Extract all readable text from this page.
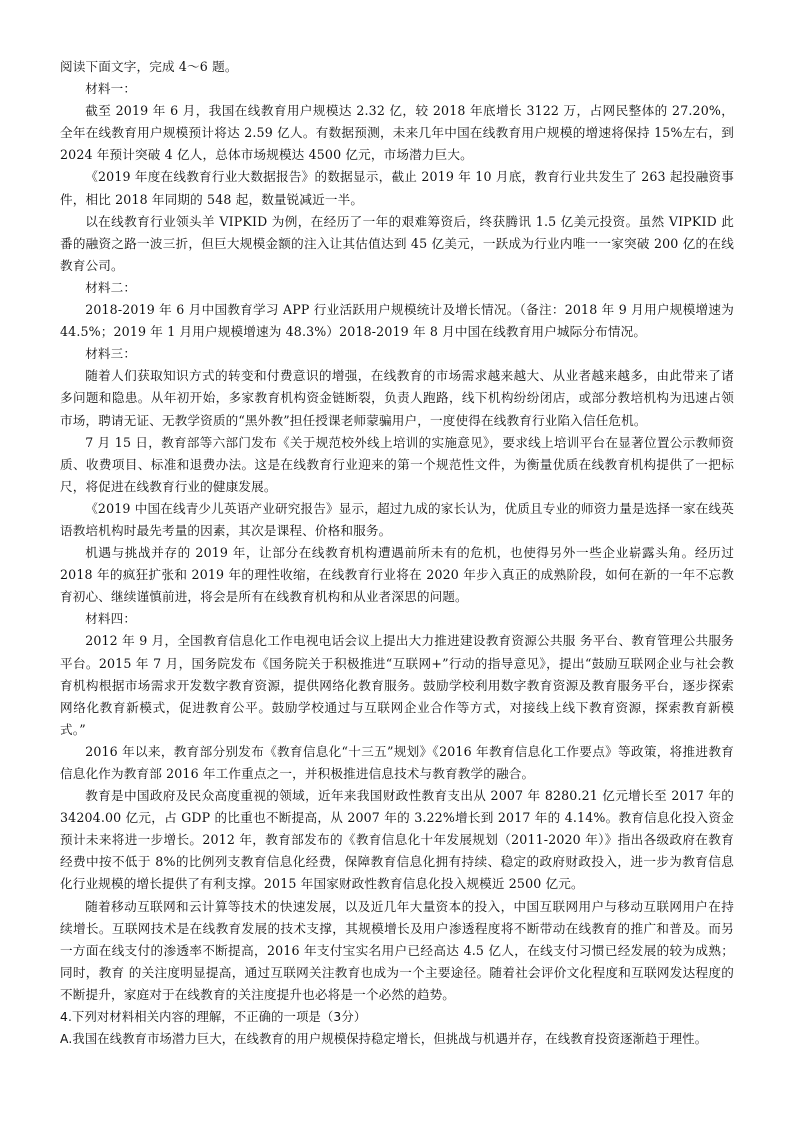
阅读下面文字，完成 4～6 题。

材料一：

截至 2019 年 6 月，我国在线教育用户规模达 2.32 亿，较 2018 年底增长 3122 万，占网民整体的 27.20%，全年在线教育用户规模预计将达 2.59 亿人。有数据预测，未来几年中国在线教育用户规模的增速将保持 15%左右，到 2024 年预计突破 4 亿人，总体市场规模达 4500 亿元，市场潜力巨大。

《2019 年度在线教育行业大数据报告》的数据显示，截止 2019 年 10 月底，教育行业共发生了 263 起投融资事件，相比 2018 年同期的 548 起，数量锐减近一半。

以在线教育行业领头羊 VIPKID 为例，在经历了一年的艰难筹资后，终获腾讯 1.5 亿美元投资。虽然 VIPKID 此番的融资之路一波三折，但巨大规模金额的注入让其估值达到 45 亿美元，一跃成为行业内唯一一家突破 200 亿的在线教育公司。

材料二：

2018-2019 年 6 月中国教育学习 APP 行业活跃用户规模统计及增长情况。（备注：2018 年 9 月用户规模增速为 44.5%；2019 年 1 月用户规模增速为 48.3%）2018-2019 年 8 月中国在线教育用户城际分布情况。

材料三：

随着人们获取知识方式的转变和付费意识的增强，在线教育的市场需求越来越大、从业者越来越多，由此带来了诸多问题和隐患。从年初开始，多家教育机构资金链断裂，负责人跑路，线下机构纷纷闭店，或部分教培机构为迅速占领市场，聘请无证、无教学资质的“黑外教”担任授课老师蒙骗用户，一度使得在线教育行业陷入信任危机。

7 月 15 日，教育部等六部门发布《关于规范校外线上培训的实施意见》，要求线上培训平台在显著位置公示教师资质、收费项目、标准和退费办法。这是在线教育行业迎来的第一个规范性文件，为衡量优质在线教育机构提供了一把标尺，将促进在线教育行业的健康发展。

《2019 中国在线青少儿英语产业研究报告》显示，超过九成的家长认为，优质且专业的师资力量是选择一家在线英语教培机构时最先考量的因素，其次是课程、价格和服务。

机遇与挑战并存的 2019 年，让部分在线教育机构遭遇前所未有的危机，也使得另外一些企业崭露头角。经历过 2018 年的疯狂扩张和 2019 年的理性收缩，在线教育行业将在 2020 年步入真正的成熟阶段，如何在新的一年不忘教育初心、继续谨慎前进，将会是所有在线教育机构和从业者深思的问题。

材料四：

2012 年 9 月，全国教育信息化工作电视电话会议上提出大力推进建设教育资源公共服 务平台、教育管理公共服务平台。2015 年 7 月，国务院发布《国务院关于积极推进“互联网+”行动的指导意见》，提出“鼓励互联网企业与社会教育机构根据市场需求开发数字教育资源，提供网络化教育服务。鼓励学校利用数字教育资源及教育服务平台，逐步探索网络化教育新模式，促进教育公平。鼓励学校通过与互联网企业合作等方式，对接线上线下教育资源，探索教育新模式。”

2016 年以来，教育部分别发布《教育信息化“十三五”规划》《2016 年教育信息化工作要点》等政策，将推进教育信息化作为教育部 2016 年工作重点之一，并积极推进信息技术与教育教学的融合。

教育是中国政府及民众高度重视的领域，近年来我国财政性教育支出从 2007 年 8280.21 亿元增长至 2017 年的 34204.00 亿元，占 GDP 的比重也不断提高，从 2007 年的 3.22%增长到 2017 年的 4.14%。教育信息化投入资金预计未来将进一步增长。2012 年，教育部发布的《教育信息化十年发展规划（2011-2020 年）》指出各级政府在教育经费中按不低于 8%的比例列支教育信息化经费，保障教育信息化拥有持续、稳定的政府财政投入，进一步为教育信息化行业规模的增长提供了有利支撑。2015 年国家财政性教育信息化投入规模近 2500 亿元。

随着移动互联网和云计算等技术的快速发展，以及近几年大量资本的投入，中国互联网用户与移动互联网用户在持续增长。互联网技术是在线教育发展的技术支撑，其规模增长及用户渗透程度将不断带动在线教育的推广和普及。而另一方面在线支付的渗透率不断提高，2016 年支付宝实名用户已经高达 4.5 亿人，在线支付习惯已经发展的较为成熟；同时，教育 的关注度明显提高，通过互联网关注教育也成为一个主要途径。随着社会评价文化程度和互联网发达程度的不断提升，家庭对于在线教育的关注度提升也必将是一个必然的趋势。

4.下列对材料相关内容的理解，不正确的一项是（3分）

A.我国在线教育市场潜力巨大，在线教育的用户规模保持稳定增长，但挑战与机遇并存，在线教育投资逐渐趋于理性。
